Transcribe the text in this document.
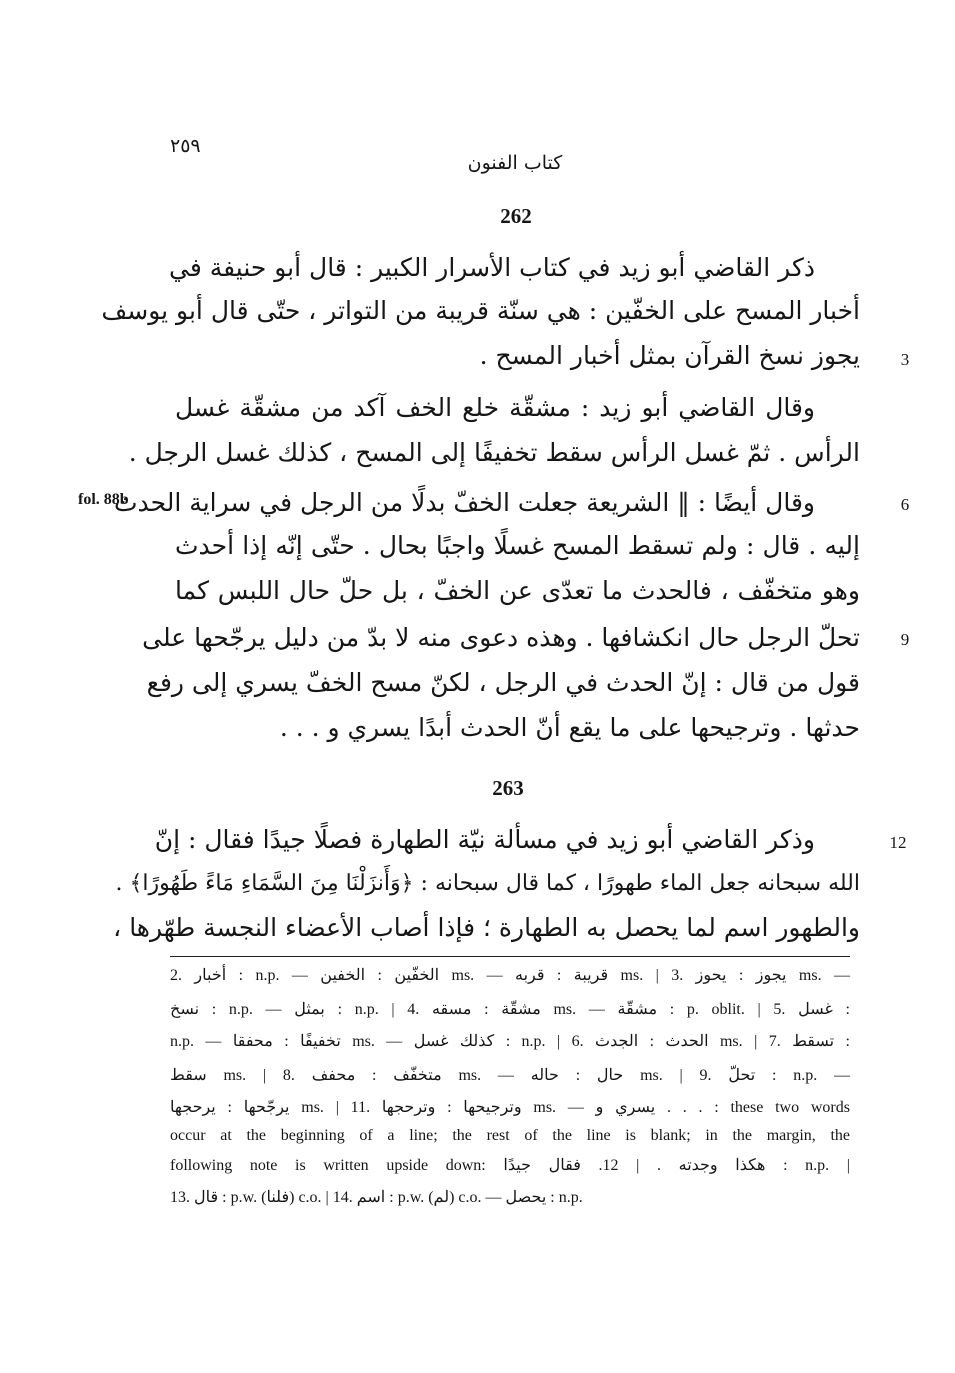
٢٥٩
كتاب الفنون
262
ذكر القاضي أبو زيد في كتاب الأسرار الكبير : قال أبو حنيفة في
أخبار المسح على الخفّين : هي سنّة قريبة من التواتر ، حتّى قال أبو يوسف
يجوز نسخ القرآن بمثل أخبار المسح .
وقال القاضي أبو زيد : مشقّة خلع الخف آكد من مشقّة غسل
الرأس . ثمّ غسل الرأس سقط تخفيفًا إلى المسح ، كذلك غسل الرجل .
وقال أيضًا : ‖ الشريعة جعلت الخفّ بدلًا من الرجل في سراية الحدث
إليه . قال : ولم تسقط المسح غسلًا واجبًا بحال . حتّى إنّه إذا أحدث
وهو متخفّف ، فالحدث ما تعدّى عن الخفّ ، بل حلّ حال اللبس كما
تحلّ الرجل حال انكشافها . وهذه دعوى منه لا بدّ من دليل يرجّحها على
قول من قال : إنّ الحدث في الرجل ، لكنّ مسح الخفّ يسري إلى رفع
حدثها . وترجيحها على ما يقع أنّ الحدث أبدًا يسري و . . .
263
وذكر القاضي أبو زيد في مسألة نيّة الطهارة فصلًا جيدًا فقال : إنّ
الله سبحانه جعل الماء طهورًا ، كما قال سبحانه : ﴿وَأَنزَلْنَا مِنَ السَّمَاءِ مَاءً طَهُورًا﴾ .
والطهور اسم لما يحصل به الطهارة ؛ فإذا أصاب الأعضاء النجسة طهّرها ،
3
6
9
12
fol. 88b
2. أخبار : n.p. — الخفّين : الخفين ms. — قريبة : قربه ms. | 3. يجوز : يحوز ms. —
نسخ : n.p. — بمثل : n.p. | 4. مشقّة : مسقه ms. — مشقّة : p. oblit. | 5. غسل :
n.p. — تخفيفًا : محفقا ms. — كذلك غسل : n.p. | 6. الحدث : الجدث ms. | 7. تسقط :
سقط ms. | 8. متخفّف : محفف ms. — حال : حاله ms. | 9. تحلّ : n.p. —
يرجّحها : يرحجها ms. | 11. وترجيحها : وترحجها ms. — يسري و . . . : these two words
occur at the beginning of a line; the rest of the line is blank; in the margin, the
following note is written upside down: هكذا وجدته . | 12. فقال جيدًا : n.p. |
13. قال : p.w. (فلنا) c.o. | 14. اسم : p.w. (لم) c.o. — يحصل : n.p.
